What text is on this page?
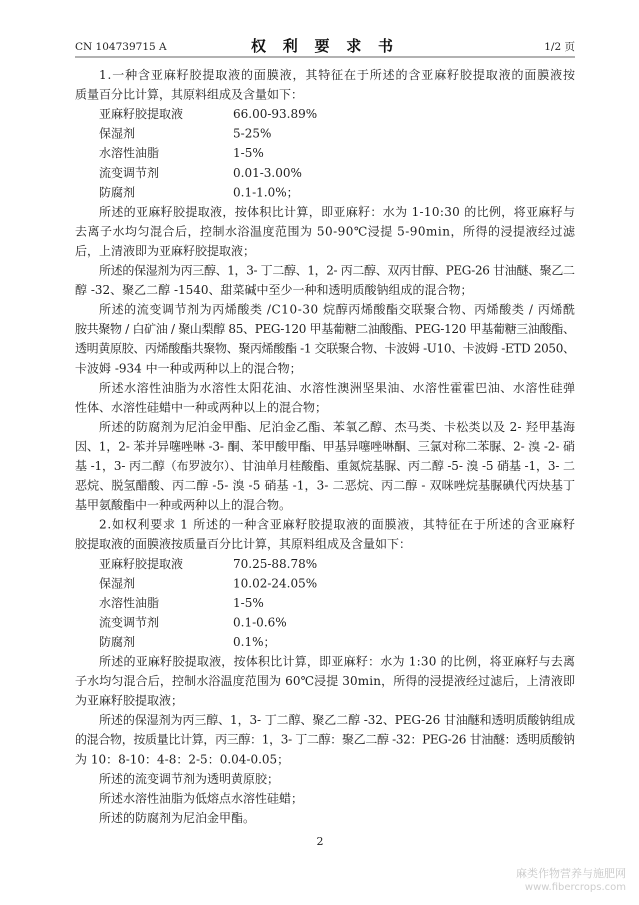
CN 104739715 A	权 利 要 求 书	1/2 页
1.一种含亚麻籽胶提取液的面膜液，其特征在于所述的含亚麻籽胶提取液的面膜液按
质量百分比计算，其原料组成及含量如下：
亚麻籽胶提取液	66.00-93.89%
保湿剂	5-25%
水溶性油脂	1-5%
流变调节剂	0.01-3.00%
防腐剂	0.1-1.0%；
所述的亚麻籽胶提取液，按体积比计算，即亚麻籽：水为 1-10:30 的比例，将亚麻籽与
去离子水均匀混合后，控制水浴温度范围为 50-90℃浸提 5-90min，所得的浸提液经过滤
后，上清液即为亚麻籽胶提取液；
所述的保湿剂为丙三醇、1，3- 丁二醇、1，2- 丙二醇、双丙甘醇、PEG-26 甘油醚、聚乙二
醇 -32、聚乙二醇 -1540、甜菜碱中至少一种和透明质酸钠组成的混合物；
所述的流变调节剂为丙烯酸类 /C10-30 烷醇丙烯酸酯交联聚合物、丙烯酸类 / 丙烯酰
胺共聚物 / 白矿油 / 聚山梨醇 85、PEG-120 甲基葡糖二油酸酯、PEG-120 甲基葡糖三油酸酯、
透明黄原胶、丙烯酸酯共聚物、聚丙烯酸酯 -1 交联聚合物、卡波姆 -U10、卡波姆 -ETD 2050、
卡波姆 -934 中一种或两种以上的混合物；
所述水溶性油脂为水溶性太阳花油、水溶性澳洲坚果油、水溶性霍霍巴油、水溶性硅弹
性体、水溶性硅蜡中一种或两种以上的混合物；
所述的防腐剂为尼泊金甲酯、尼泊金乙酯、苯氧乙醇、杰马类、卡松类以及 2- 羟甲基海
因、1，2- 苯并异噻唑啉 -3- 酮、苯甲酸甲酯、甲基异噻唑啉酮、三氯对称二苯脲、2- 溴 -2- 硝
基 -1，3- 丙二醇（布罗波尔）、甘油单月桂酸酯、重氮烷基脲、丙二醇 -5- 溴 -5 硝基 -1，3- 二
恶烷、脱氢醋酸、丙二醇 -5- 溴 -5 硝基 -1，3- 二恶烷、丙二醇 - 双咪唑烷基脲碘代丙炔基丁
基甲氨酸酯中一种或两种以上的混合物。
2.如权利要求 1 所述的一种含亚麻籽胶提取液的面膜液，其特征在于所述的含亚麻籽
胶提取液的面膜液按质量百分比计算，其原料组成及含量如下：
亚麻籽胶提取液	70.25-88.78%
保湿剂	10.02-24.05%
水溶性油脂	1-5%
流变调节剂	0.1-0.6%
防腐剂	0.1%；
所述的亚麻籽胶提取液，按体积比计算，即亚麻籽：水为 1:30 的比例，将亚麻籽与去离
子水均匀混合后，控制水浴温度范围为 60℃浸提 30min，所得的浸提液经过滤后，上清液即
为亚麻籽胶提取液；
所述的保湿剂为丙三醇、1，3- 丁二醇、聚乙二醇 -32、PEG-26 甘油醚和透明质酸钠组成
的混合物，按质量比计算，丙三醇：1，3- 丁二醇：聚乙二醇 -32：PEG-26 甘油醚：透明质酸钠
为 10：8-10：4-8：2-5：0.04-0.05；
所述的流变调节剂为透明黄原胶；
所述水溶性油脂为低熔点水溶性硅蜡；
所述的防腐剂为尼泊金甲酯。
2
麻类作物营养与施肥网
www.fibercrops.com
